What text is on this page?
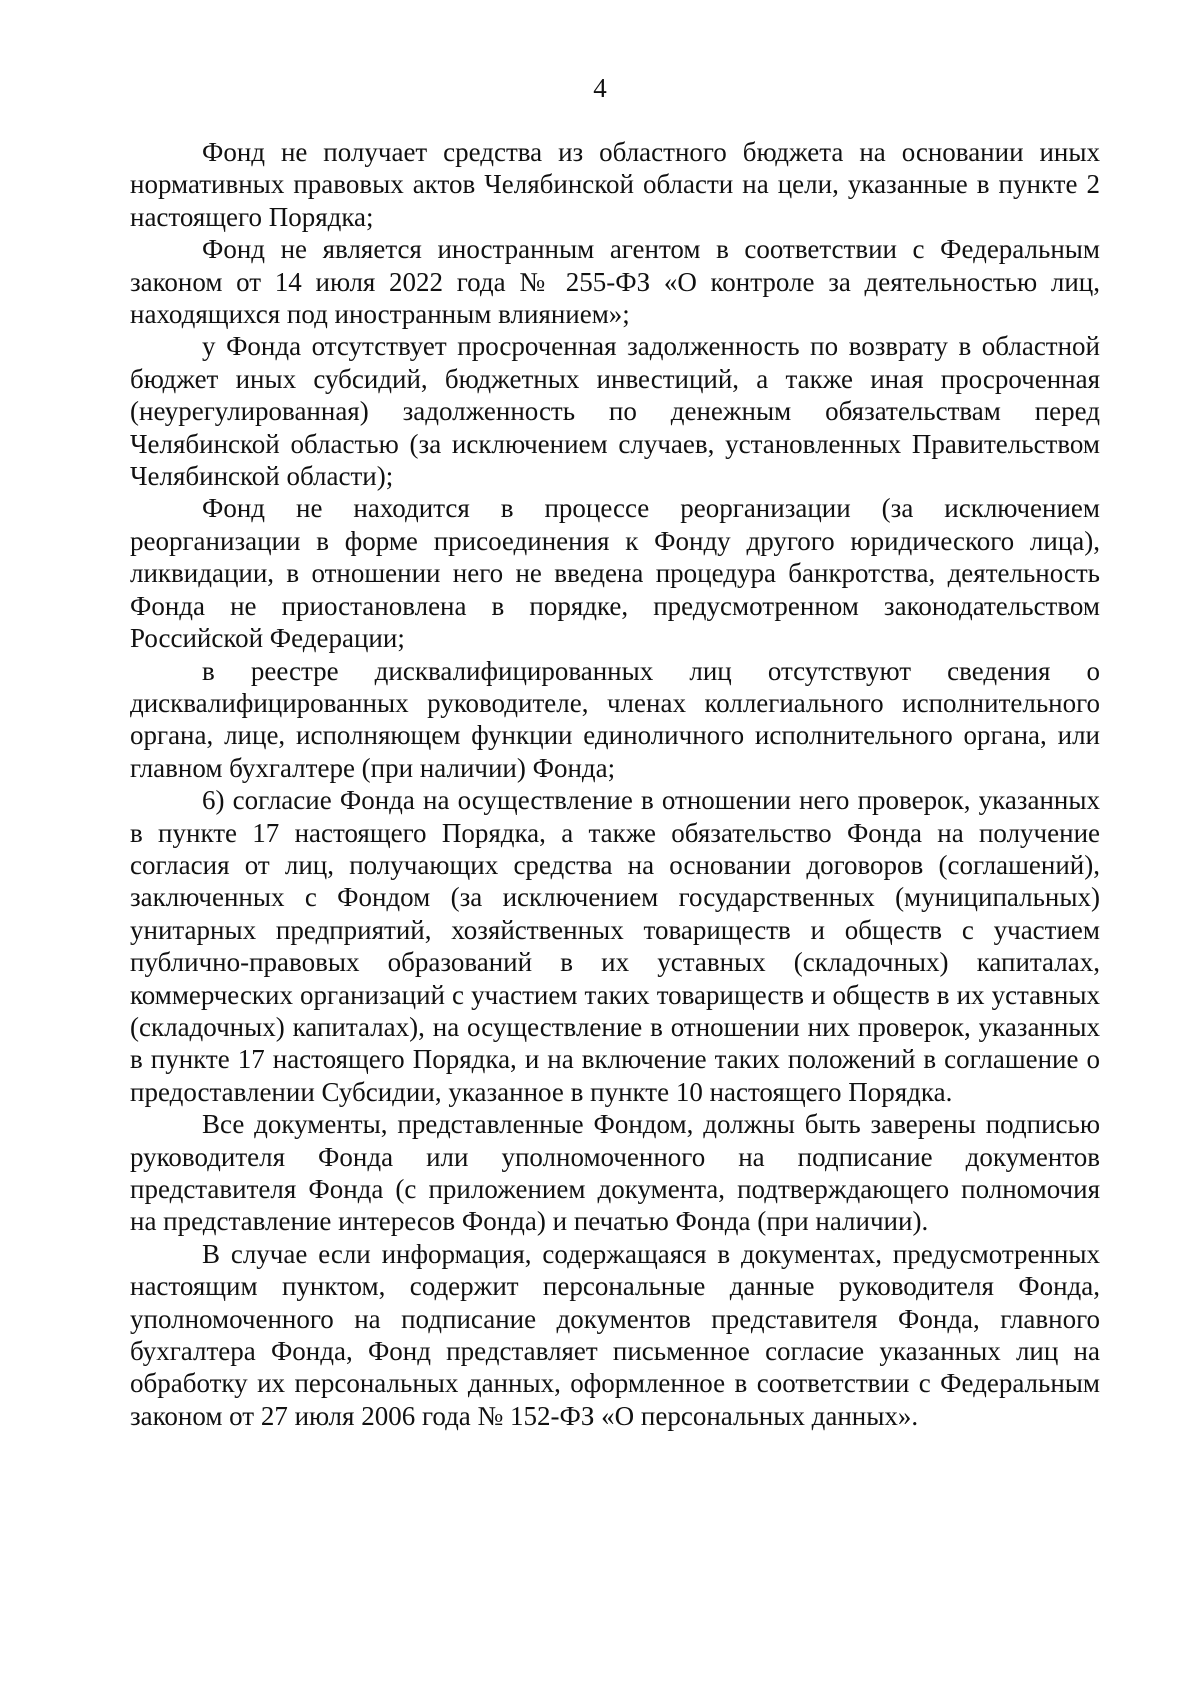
4

Фонд не получает средства из областного бюджета на основании иных нормативных правовых актов Челябинской области на цели, указанные в пункте 2 настоящего Порядка;

Фонд не является иностранным агентом в соответствии с Федеральным законом от 14 июля 2022 года № 255-ФЗ «О контроле за деятельностью лиц, находящихся под иностранным влиянием»;

у Фонда отсутствует просроченная задолженность по возврату в областной бюджет иных субсидий, бюджетных инвестиций, а также иная просроченная (неурегулированная) задолженность по денежным обязательствам перед Челябинской областью (за исключением случаев, установленных Правительством Челябинской области);

Фонд не находится в процессе реорганизации (за исключением реорганизации в форме присоединения к Фонду другого юридического лица), ликвидации, в отношении него не введена процедура банкротства, деятельность Фонда не приостановлена в порядке, предусмотренном законодательством Российской Федерации;

в реестре дисквалифицированных лиц отсутствуют сведения о дисквалифицированных руководителе, членах коллегиального исполнительного органа, лице, исполняющем функции единоличного исполнительного органа, или главном бухгалтере (при наличии) Фонда;

6) согласие Фонда на осуществление в отношении него проверок, указанных в пункте 17 настоящего Порядка, а также обязательство Фонда на получение согласия от лиц, получающих средства на основании договоров (соглашений), заключенных с Фондом (за исключением государственных (муниципальных) унитарных предприятий, хозяйственных товариществ и обществ с участием публично-правовых образований в их уставных (складочных) капиталах, коммерческих организаций с участием таких товариществ и обществ в их уставных (складочных) капиталах), на осуществление в отношении них проверок, указанных в пункте 17 настоящего Порядка, и на включение таких положений в соглашение о предоставлении Субсидии, указанное в пункте 10 настоящего Порядка.

Все документы, представленные Фондом, должны быть заверены подписью руководителя Фонда или уполномоченного на подписание документов представителя Фонда (с приложением документа, подтверждающего полномочия на представление интересов Фонда) и печатью Фонда (при наличии).

В случае если информация, содержащаяся в документах, предусмотренных настоящим пунктом, содержит персональные данные руководителя Фонда, уполномоченного на подписание документов представителя Фонда, главного бухгалтера Фонда, Фонд представляет письменное согласие указанных лиц на обработку их персональных данных, оформленное в соответствии с Федеральным законом от 27 июля 2006 года № 152-ФЗ «О персональных данных».
